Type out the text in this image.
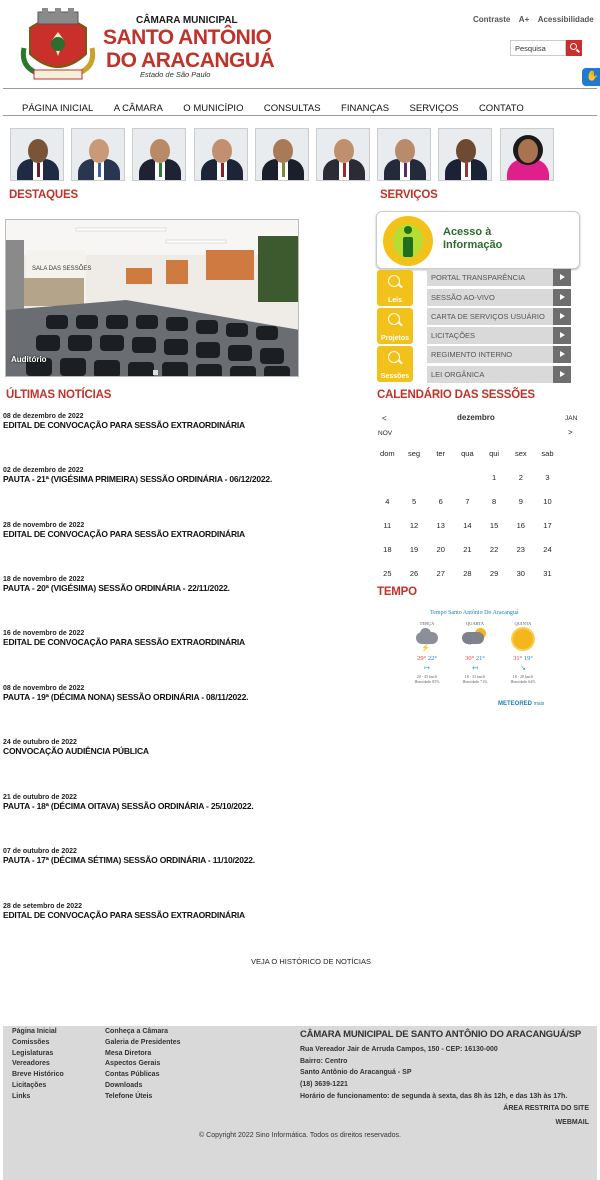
CÂMARA MUNICIPAL
SANTO ANTÔNIO
DO ARACANGUÁ
Estado de São Paulo
Contraste A+ Acessibilidade
Pesquisa
✋
PÁGINA INICIAL A CÂMARA O MUNICÍPIO CONSULTAS FINANÇAS SERVIÇOS CONTATO
DESTAQUES	SERVIÇOS
SALA DAS SESSÕES
Auditório
Acesso à
Informação
Leis
Projetos
Sessões
PORTAL TRANSPARÊNCIA
SESSÃO AO-VIVO
CARTA DE SERVIÇOS USUÁRIO
LICITAÇÕES
REGIMENTO INTERNO
LEI ORGÂNICA
ÚLTIMAS NOTÍCIAS
08 de dezembro de 2022
EDITAL DE CONVOCAÇÃO PARA SESSÃO EXTRAORDINÁRIA
02 de dezembro de 2022
PAUTA - 21ª (VIGÉSIMA PRIMEIRA) SESSÃO ORDINÁRIA - 06/12/2022.
28 de novembro de 2022
EDITAL DE CONVOCAÇÃO PARA SESSÃO EXTRAORDINÁRIA
18 de novembro de 2022
PAUTA - 20ª (VIGÉSIMA) SESSÃO ORDINÁRIA - 22/11/2022.
16 de novembro de 2022
EDITAL DE CONVOCAÇÃO PARA SESSÃO EXTRAORDINÁRIA
08 de novembro de 2022
PAUTA - 19ª (DÉCIMA NONA) SESSÃO ORDINÁRIA - 08/11/2022.
24 de outubro de 2022
CONVOCAÇÃO AUDIÊNCIA PÚBLICA
21 de outubro de 2022
PAUTA - 18ª (DÉCIMA OITAVA) SESSÃO ORDINÁRIA - 25/10/2022.
07 de outubro de 2022
PAUTA - 17ª (DÉCIMA SÉTIMA) SESSÃO ORDINÁRIA - 11/10/2022.
28 de setembro de 2022
EDITAL DE CONVOCAÇÃO PARA SESSÃO EXTRAORDINÁRIA
VEJA O HISTÓRICO DE NOTÍCIAS
CALENDÁRIO DAS SESSÕES
<
NOV
dezembro	JAN
>
dom	seg	ter	qua	qui	sex	sab
				1	2	3
4	5	6	7	8	9	10
11	12	13	14	15	16	17
18	19	20	21	22	23	24
25	26	27	28	29	30	31
TEMPO
Tempo Santo Antônio Do Aracanguá
TERÇA
⚡
29° 22°
↦
20 - 45 km/h
Humidade 85%
QUARTA
٬٬
30° 21°
↤
18 - 33 km/h
Humidade 71%
QUINTA
31° 19°
↘
18 - 28 km/h
Humidade 64%
METEORED mais
Página Inicial
Comissões
Legislaturas
Vereadores
Breve Histórico
Licitações
Links
Conheça a Câmara
Galeria de Presidentes
Mesa Diretora
Aspectos Gerais
Contas Públicas
Downloads
Telefone Úteis
CÂMARA MUNICIPAL DE SANTO ANTÔNIO DO ARACANGUÁ/SP
Rua Vereador Jair de Arruda Campos, 150 - CEP: 16130-000
Bairro: Centro
Santo Antônio do Aracanguá - SP
(18) 3639-1221
Horário de funcionamento: de segunda à sexta, das 8h às 12h, e das 13h às 17h.
ÁREA RESTRITA DO SITE
WEBMAIL
© Copyright 2022 Sino Informática. Todos os direitos reservados.
